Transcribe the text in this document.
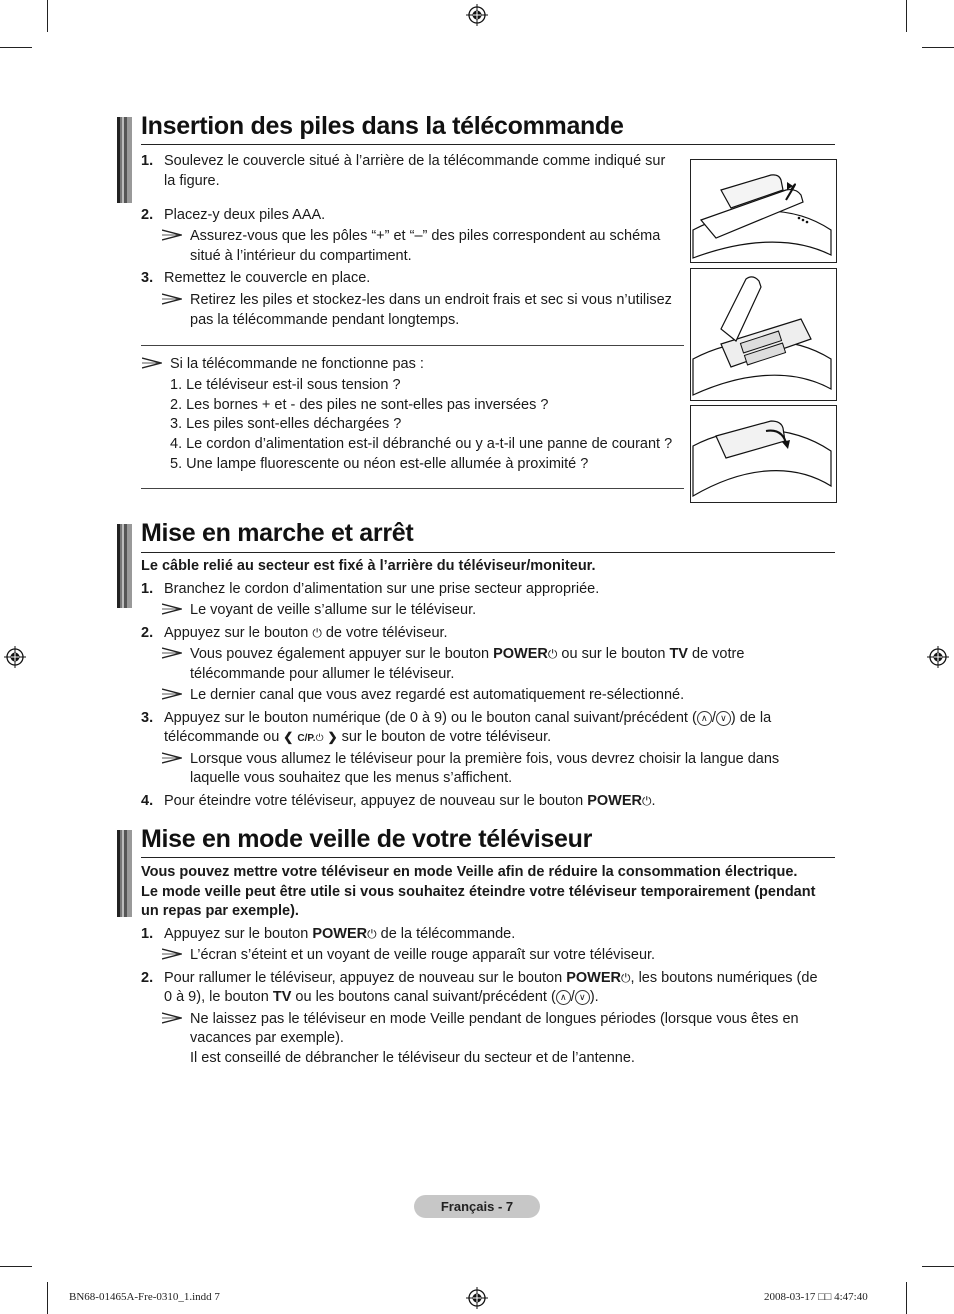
Insertion des piles dans la télécommande
1. Soulevez le couvercle situé à l’arrière de la télécommande comme indiqué sur
la figure.
2. Placez-y deux piles AAA.
Assurez-vous que les pôles “+” et “–” des piles correspondent au schéma
situé à l’intérieur du compartiment.
3. Remettez le couvercle en place.
Retirez les piles et stockez-les dans un endroit frais et sec si vous n’utilisez
pas la télécommande pendant longtemps.
Si la télécommande ne fonctionne pas :
1. Le téléviseur est-il sous tension ?
2. Les bornes + et - des piles ne sont-elles pas inversées ?
3. Les piles sont-elles déchargées ?
4. Le cordon d’alimentation est-il débranché ou y a-t-il une panne de courant ?
5. Une lampe fluorescente ou néon est-elle allumée à proximité ?
Mise en marche et arrêt
Le câble relié au secteur est fixé à l’arrière du téléviseur/moniteur.
1. Branchez le cordon d’alimentation sur une prise secteur appropriée.
Le voyant de veille s’allume sur le téléviseur.
2. Appuyez sur le bouton ⏻ de votre téléviseur.
Vous pouvez également appuyer sur le bouton POWER⏻ ou sur le bouton TV de votre
télécommande pour allumer le téléviseur.
Le dernier canal que vous avez regardé est automatiquement re-sélectionné.
3. Appuyez sur le bouton numérique (de 0 à 9) ou le bouton canal suivant/précédent ( ∧ / ∨ ) de la
télécommande ou ❮ C/P.⏻ ❯ sur le bouton de votre téléviseur.
Lorsque vous allumez le téléviseur pour la première fois, vous devrez choisir la langue dans
laquelle vous souhaitez que les menus s’affichent.
4. Pour éteindre votre téléviseur, appuyez de nouveau sur le bouton POWER⏻.
Mise en mode veille de votre téléviseur
Vous pouvez mettre votre téléviseur en mode Veille afin de réduire la consommation électrique.
Le mode veille peut être utile si vous souhaitez éteindre votre téléviseur temporairement (pendant
un repas par exemple).
1. Appuyez sur le bouton POWER⏻ de la télécommande.
L’écran s’éteint et un voyant de veille rouge apparaît sur votre téléviseur.
2. Pour rallumer le téléviseur, appuyez de nouveau sur le bouton POWER⏻, les boutons numériques (de
0 à 9), le bouton TV ou les boutons canal suivant/précédent ( ∧ / ∨ ).
Ne laissez pas le téléviseur en mode Veille pendant de longues périodes (lorsque vous êtes en
vacances par exemple).
Il est conseillé de débrancher le téléviseur du secteur et de l’antenne.
Français - 7
BN68-01465A-Fre-0310_1.indd 7	2008-03-17 □□ 4:47:40
